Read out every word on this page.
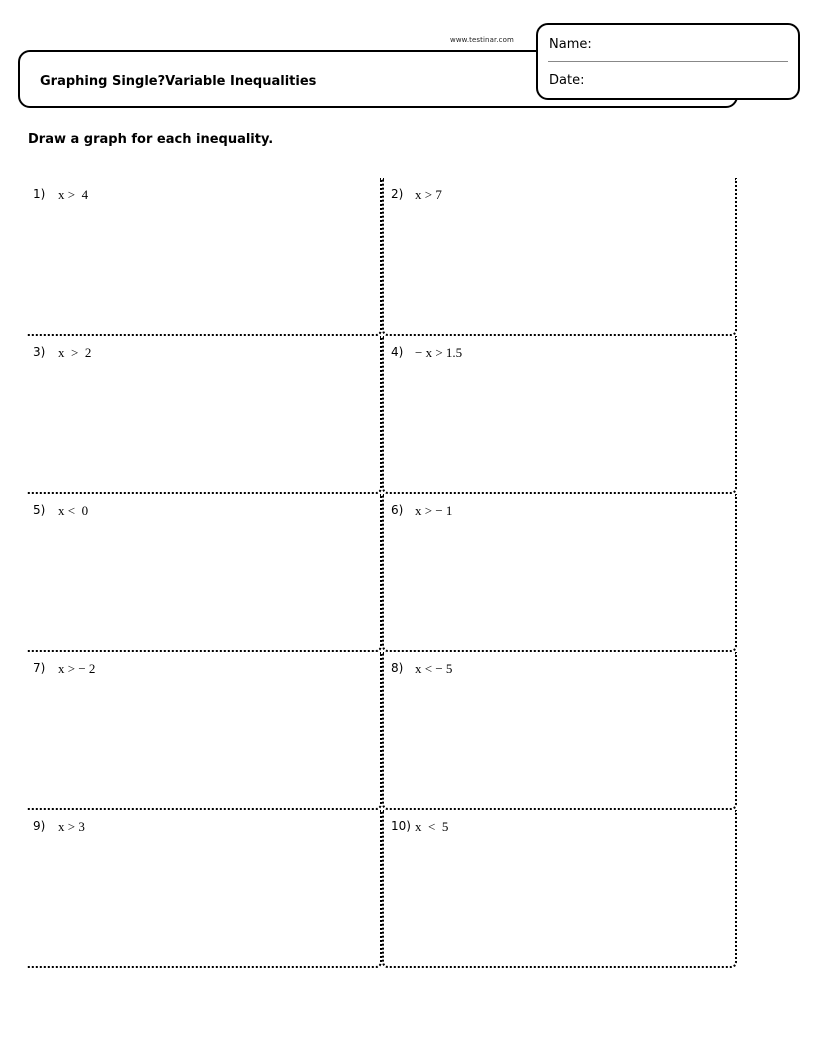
www.testinar.com
Graphing Single?Variable Inequalities
Name:
Date:
Draw a graph for each inequality.
1) x >  4	2) x > 7
3) x  >  2	4) − x > 1.5
5) x <  0	6) x > − 1
7) x > − 2	8) x < − 5
9) x > 3	10) x  <  5
